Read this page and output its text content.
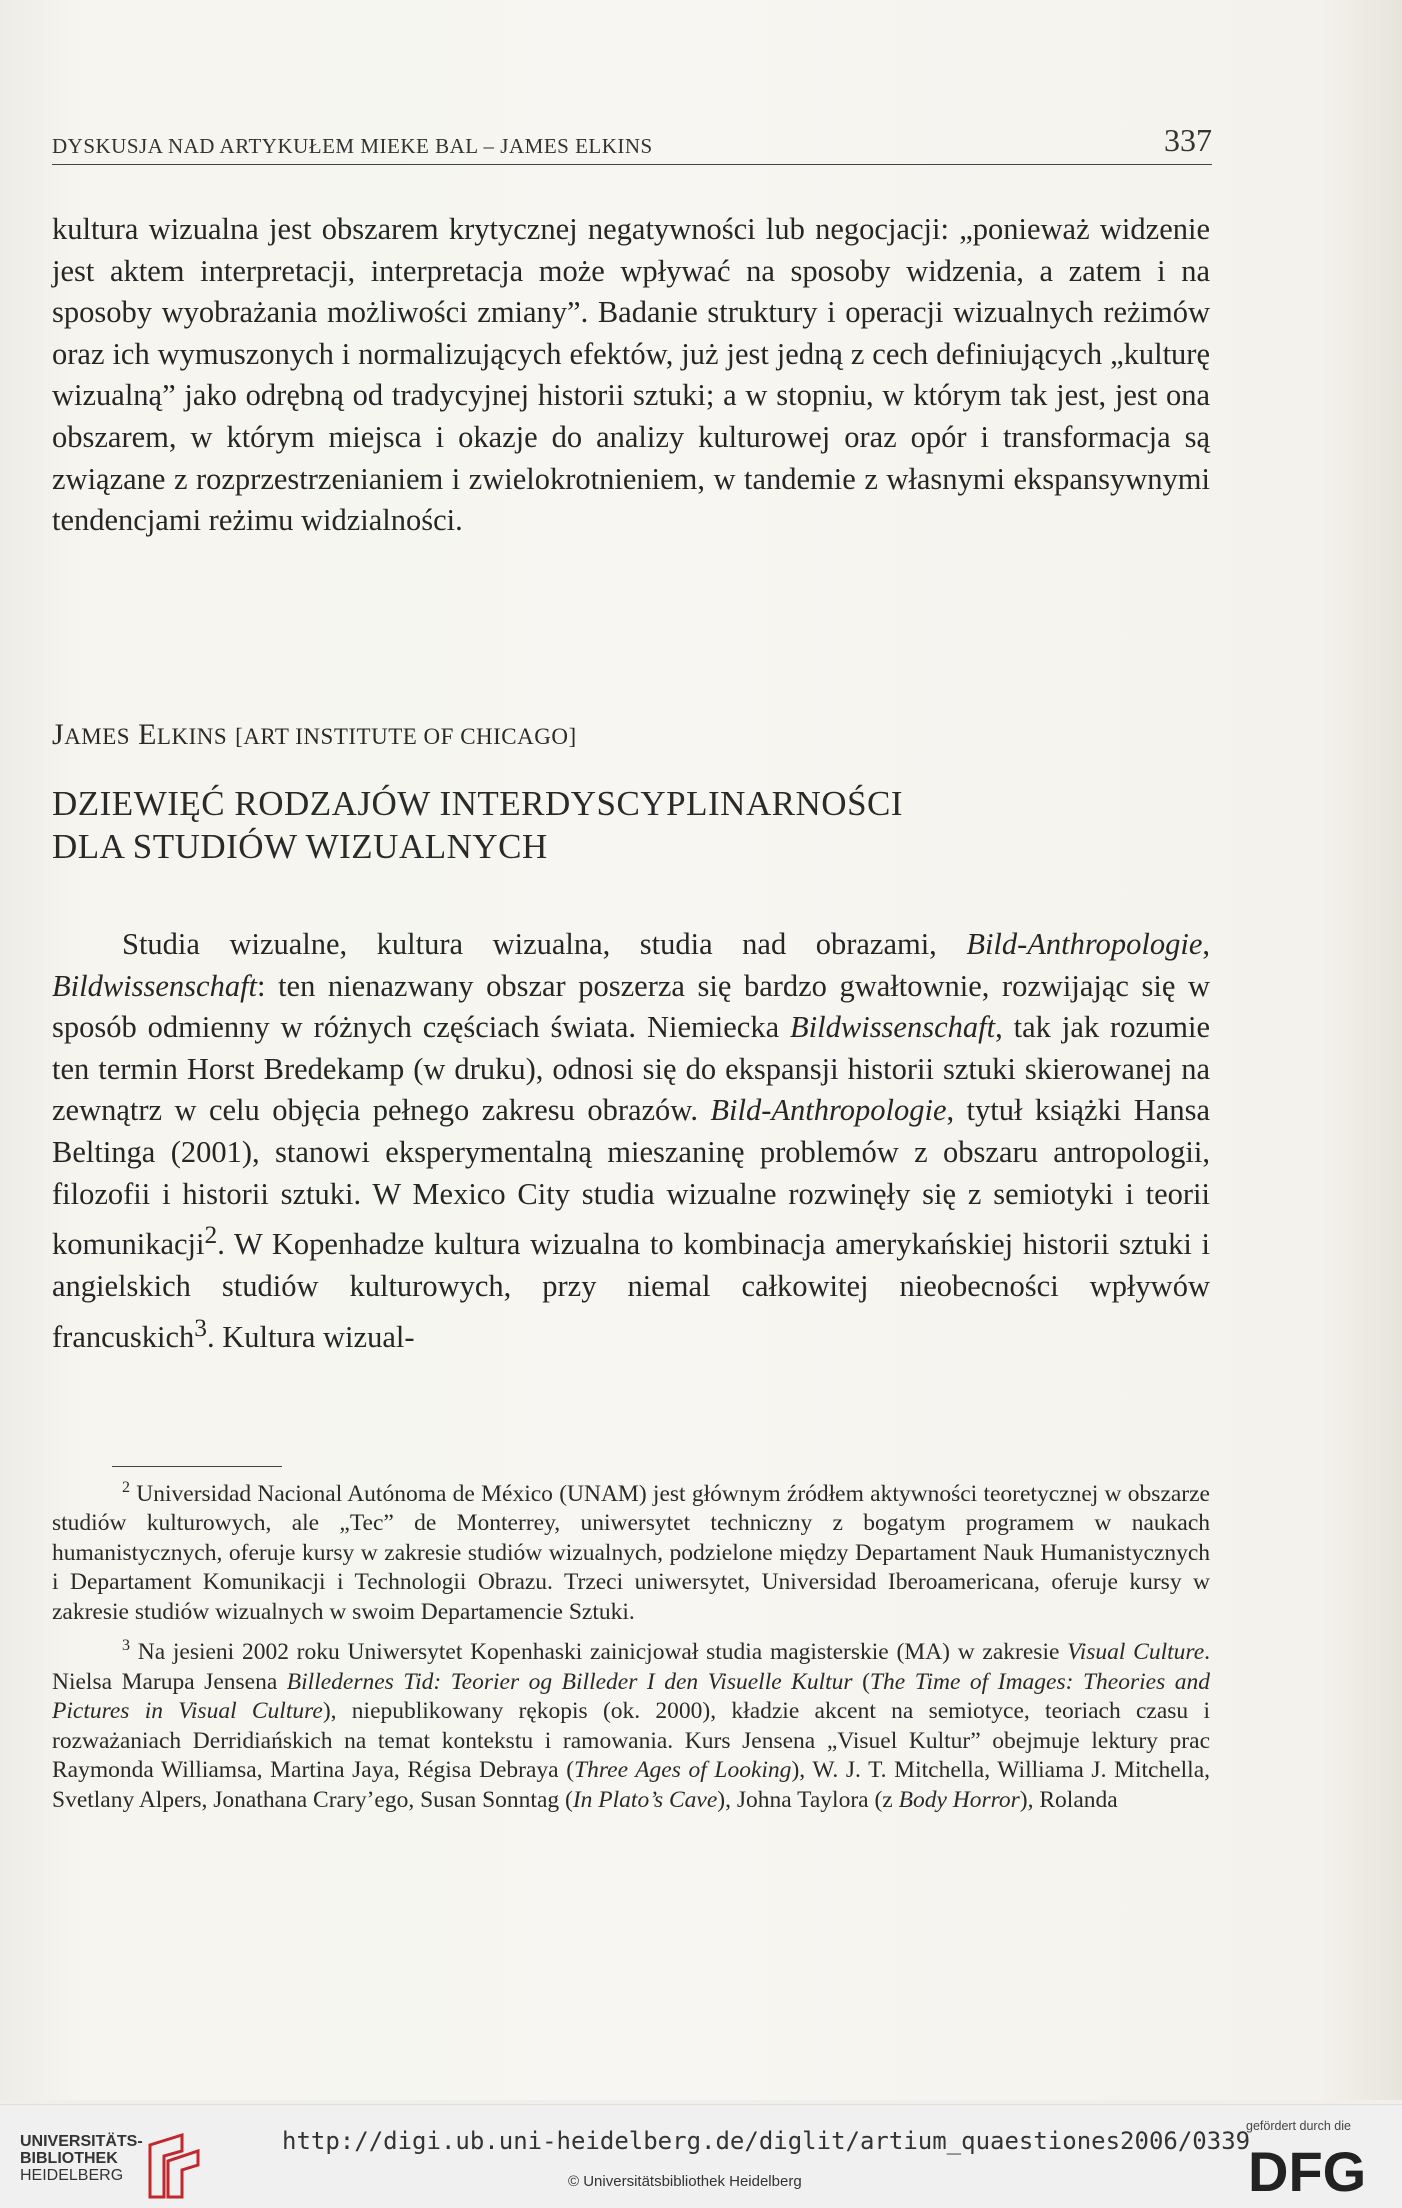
DYSKUSJA NAD ARTYKUŁEM MIEKE BAL – JAMES ELKINS	337

kultura wizualna jest obszarem krytycznej negatywności lub negocjacji: „ponieważ widzenie jest aktem interpretacji, interpretacja może wpływać na sposoby widzenia, a zatem i na sposoby wyobrażania możliwości zmiany”. Badanie struktury i operacji wizualnych reżimów oraz ich wymuszonych i normalizujących efektów, już jest jedną z cech definiujących „kulturę wizualną” jako odrębną od tradycyjnej historii sztuki; a w stopniu, w którym tak jest, jest ona obszarem, w którym miejsca i okazje do analizy kulturowej oraz opór i transformacja są związane z rozprzestrzenianiem i zwielokrotnieniem, w tandemie z własnymi ekspansywnymi tendencjami reżimu widzialności.

JAMES ELKINS [ART INSTITUTE OF CHICAGO]
DZIEWIĘĆ RODZAJÓW INTERDYSCYPLINARNOŚCI
DLA STUDIÓW WIZUALNYCH

Studia wizualne, kultura wizualna, studia nad obrazami, Bild-Anthropologie, Bildwissenschaft: ten nienazwany obszar poszerza się bardzo gwałtownie, rozwijając się w sposób odmienny w różnych częściach świata. Niemiecka Bildwissenschaft, tak jak rozumie ten termin Horst Bredekamp (w druku), odnosi się do ekspansji historii sztuki skierowanej na zewnątrz w celu objęcia pełnego zakresu obrazów. Bild-Anthropologie, tytuł książki Hansa Beltinga (2001), stanowi eksperymentalną mieszaninę problemów z obszaru antropologii, filozofii i historii sztuki. W Mexico City studia wizualne rozwinęły się z semiotyki i teorii komunikacji$^2$. W Kopenhadze kultura wizualna to kombinacja amerykańskiej historii sztuki i angielskich studiów kulturowych, przy niemal całkowitej nieobecności wpływów francuskich$^3$. Kultura wizual-

$^2$ Universidad Nacional Autónoma de México (UNAM) jest głównym źródłem aktywności teoretycznej w obszarze studiów kulturowych, ale „Tec” de Monterrey, uniwersytet techniczny z bogatym programem w naukach humanistycznych, oferuje kursy w zakresie studiów wizualnych, podzielone między Departament Nauk Humanistycznych i Departament Komunikacji i Technologii Obrazu. Trzeci uniwersytet, Universidad Iberoamericana, oferuje kursy w zakresie studiów wizualnych w swoim Departamencie Sztuki.

$^3$ Na jesieni 2002 roku Uniwersytet Kopenhaski zainicjował studia magisterskie (MA) w zakresie Visual Culture. Nielsa Marupa Jensena Billedernes Tid: Teorier og Billeder I den Visuelle Kultur (The Time of Images: Theories and Pictures in Visual Culture), niepublikowany rękopis (ok. 2000), kładzie akcent na semiotyce, teoriach czasu i rozważaniach Derridiańskich na temat kontekstu i ramowania. Kurs Jensena „Visuel Kultur” obejmuje lektury prac Raymonda Williamsa, Martina Jaya, Régisa Debraya (Three Ages of Looking), W. J. T. Mitchella, Williama J. Mitchella, Svetlany Alpers, Jonathana Crary’ego, Susan Sonntag (In Plato’s Cave), Johna Taylora (z Body Horror), Rolanda

UNIVERSITÄTS-
BIBLIOTHEK
HEIDELBERG
http://digi.ub.uni-heidelberg.de/diglit/artium_quaestiones2006/0339
© Universitätsbibliothek Heidelberg
gefördert durch die
DFG
